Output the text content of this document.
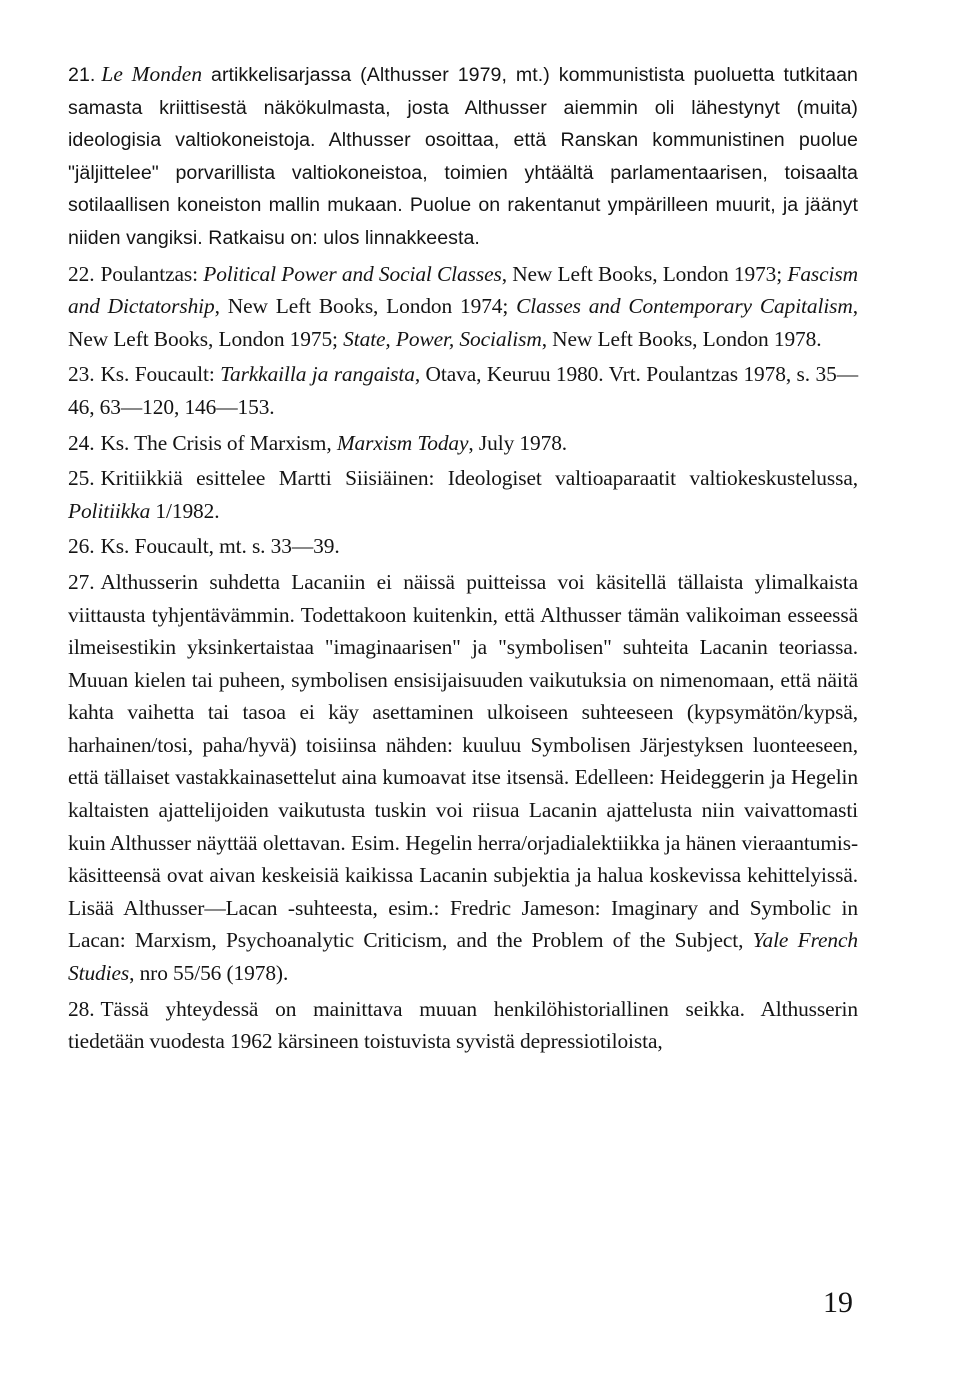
21. Le Monden artikkelisarjassa (Althusser 1979, mt.) kommunistista puoluetta tutkitaan samasta kriittisestä näkökulmasta, josta Althusser aiemmin oli lähestynyt (muita) ideologisia valtiokoneistoja. Althusser osoittaa, että Ranskan kommunistinen puolue "jäljittelee" porvarillista valtiokoneistoa, toimien yhtäältä parlamentaarisen, toisaalta sotilaallisen koneiston mallin mukaan. Puolue on rakentanut ympärilleen muurit, ja jäänyt niiden vangiksi. Ratkaisu on: ulos linnakkeesta.

22. Poulantzas: Political Power and Social Classes, New Left Books, London 1973; Fascism and Dictatorship, New Left Books, London 1974; Classes and Contemporary Capitalism, New Left Books, London 1975; State, Power, Socialism, New Left Books, London 1978.

23. Ks. Foucault: Tarkkailla ja rangaista, Otava, Keuruu 1980. Vrt. Poulantzas 1978, s. 35—46, 63—120, 146—153.

24. Ks. The Crisis of Marxism, Marxism Today, July 1978.

25. Kritiikkiä esittelee Martti Siisiäinen: Ideologiset valtioaparaatit valtiokeskustelussa, Politiikka 1/1982.

26. Ks. Foucault, mt. s. 33—39.

27. Althusserin suhdetta Lacaniin ei näissä puitteissa voi käsitellä tällaista ylimalkaista viittausta tyhjentävämmin. Todettakoon kuitenkin, että Althusser tämän valikoiman esseessä ilmeisestikin yksinkertaistaa "imaginaarisen" ja "symbolisen" suhteita Lacanin teoriassa. Muuan kielen tai puheen, symbolisen ensisijaisuuden vaikutuksia on nimenomaan, että näitä kahta vaihetta tai tasoa ei käy asettaminen ulkoiseen suhteeseen (kypsymätön/kypsä, harhainen/tosi, paha/hyvä) toisiinsa nähden: kuuluu Symbolisen Järjestyksen luonteeseen, että tällaiset vastakkainasettelut aina kumoavat itse itsensä. Edelleen: Heideggerin ja Hegelin kaltaisten ajattelijoiden vaikutusta tuskin voi riisua Lacanin ajattelusta niin vaivattomasti kuin Althusser näyttää olettavan. Esim. Hegelin herra/orjadialektiikka ja hänen vieraantumis-käsitteensä ovat aivan keskeisiä kaikissa Lacanin subjektia ja halua koskevissa kehittelyissä. Lisää Althusser—Lacan -suhteesta, esim.: Fredric Jameson: Imaginary and Symbolic in Lacan: Marxism, Psychoanalytic Criticism, and the Problem of the Subject, Yale French Studies, nro 55/56 (1978).

28. Tässä yhteydessä on mainittava muuan henkilöhistoriallinen seikka. Althusserin tiedetään vuodesta 1962 kärsineen toistuvista syvistä depressiotiloista,

19
